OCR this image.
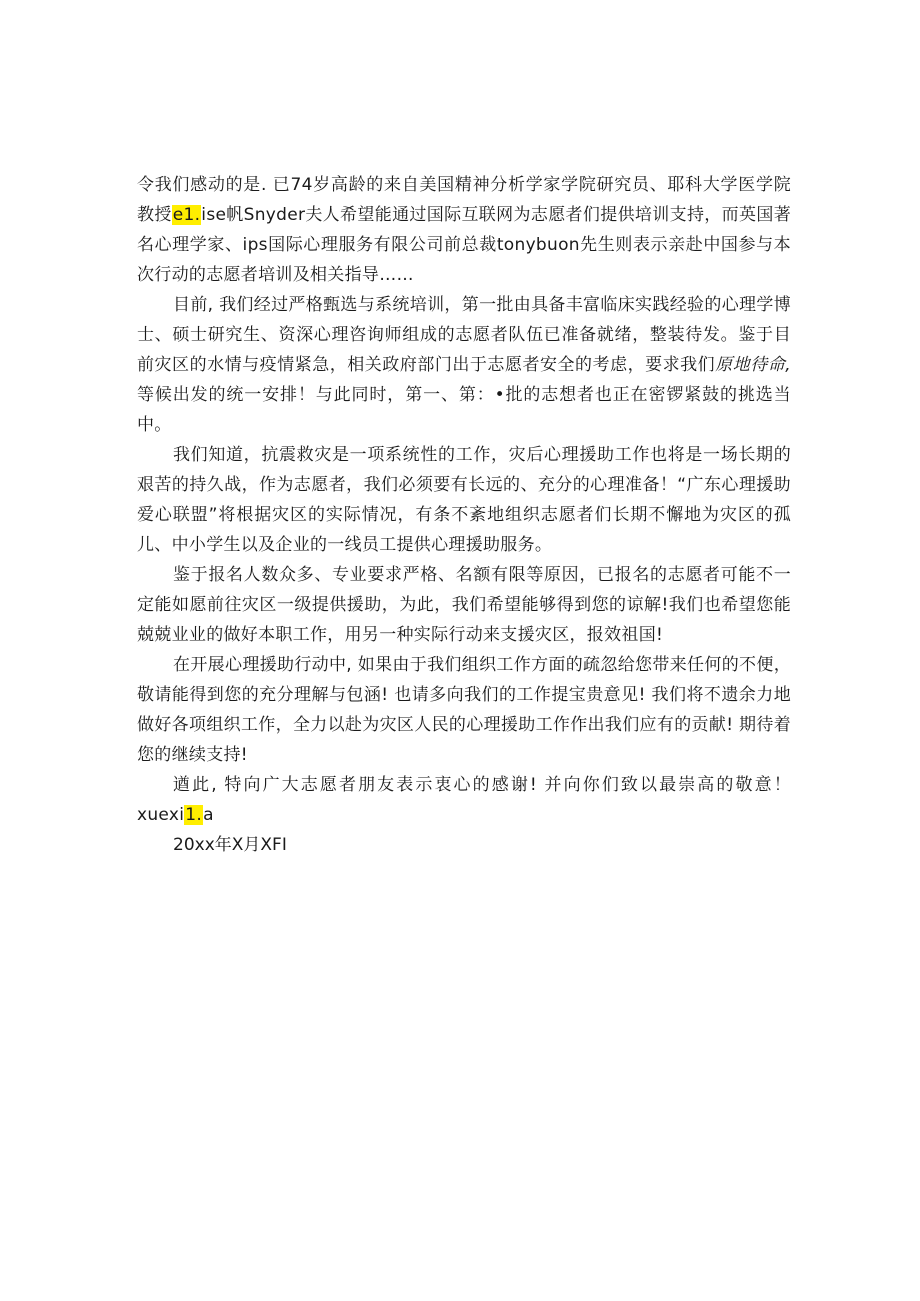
令我们感动的是. 已74岁高龄的来自美国精神分析学家学院研究员、耶科大学医学院教授e1.ise帆Snyder夫人希望能通过国际互联网为志愿者们提供培训支持，而英国著名心理学家、ips国际心理服务有限公司前总裁tonybuon先生则表示亲赴中国参与本次行动的志愿者培训及相关指导……

目前, 我们经过严格甄选与系统培训，第一批由具备丰富临床实践经验的心理学博士、硕士研究生、资深心理咨询师组成的志愿者队伍已准备就绪，整装待发。鉴于目前灾区的水情与疫情紧急，相关政府部门出于志愿者安全的考虑，要求我们原地待命,等候出发的统一安排！与此同时，第一、第：•批的志想者也正在密锣紧鼓的挑选当中。

我们知道，抗震救灾是一项系统性的工作，灾后心理援助工作也将是一场长期的艰苦的持久战，作为志愿者，我们必须要有长远的、充分的心理准备！“广东心理援助爱心联盟”将根据灾区的实际情况，有条不紊地组织志愿者们长期不懈地为灾区的孤儿、中小学生以及企业的一线员工提供心理援助服务。

鉴于报名人数众多、专业要求严格、名额有限等原因，已报名的志愿者可能不一定能如愿前往灾区一级提供援助，为此，我们希望能够得到您的谅解!我们也希望您能兢兢业业的做好本职工作，用另一种实际行动来支援灾区，报效祖国!

在开展心理援助行动中, 如果由于我们组织工作方面的疏忽给您带来任何的不便，敬请能得到您的充分理解与包涵! 也请多向我们的工作提宝贵意见! 我们将不遗余力地做好各项组织工作，全力以赴为灾区人民的心理援助工作作出我们应有的贡献! 期待着您的继续支持!

遒此, 特向广大志愿者朋友表示衷心的感谢! 并向你们致以最崇高的敬意！ xuexi1.a

20xx年X月XFI
